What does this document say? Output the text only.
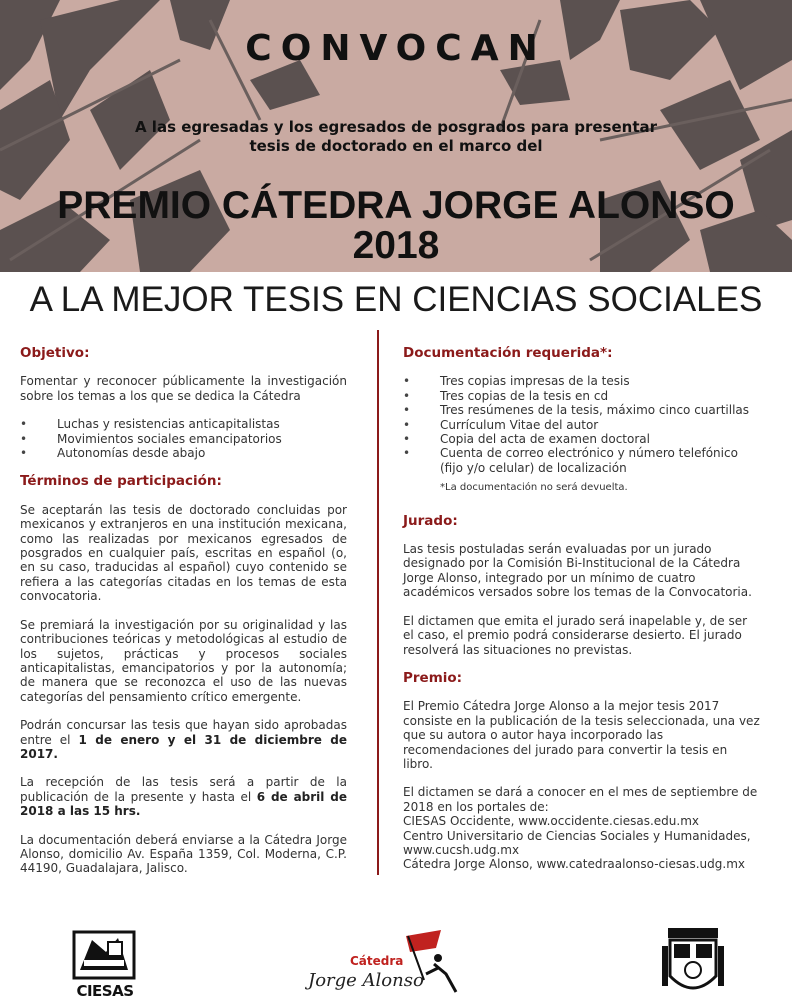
CONVOCAN
A las egresadas y los egresados de posgrados para presentar
tesis de doctorado en el marco del
PREMIO CÁTEDRA JORGE ALONSO
2018
A LA MEJOR TESIS EN CIENCIAS SOCIALES
Objetivo:

Fomentar y reconocer públicamente la investigación sobre los temas a los que se dedica la Cátedra

• Luchas y resistencias anticapitalistas
• Movimientos sociales emancipatorios
• Autonomías desde abajo
Términos de participación:

Se aceptarán las tesis de doctorado concluidas por mexicanos y extranjeros en una institución mexicana, como las realizadas por mexicanos egresados de posgrados en cualquier país, escritas en español (o, en su caso, traducidas al español) cuyo contenido se refiera a las categorías citadas en los temas de esta convocatoria.

Se premiará la investigación por su originalidad y las contribuciones teóricas y metodológicas al estudio de los sujetos, prácticas y procesos sociales anticapitalistas, emancipatorios y por la autonomía; de manera que se reconozca el uso de las nuevas categorías del pensamiento crítico emergente.

Podrán concursar las tesis que hayan sido aprobadas entre el 1 de enero y el 31 de diciembre de 2017.

La recepción de las tesis será a partir de la publicación de la presente y hasta el 6 de abril de 2018 a las 15 hrs.

La documentación deberá enviarse a la Cátedra Jorge Alonso, domicilio Av. España 1359, Col. Moderna, C.P. 44190, Guadalajara, Jalisco.

Documentación requerida*:
• Tres copias impresas de la tesis
• Tres copias de la tesis en cd
• Tres resúmenes de la tesis, máximo cinco cuartillas
• Currículum Vitae del autor
• Copia del acta de examen doctoral
• Cuenta de correo electrónico y número telefónico (fijo y/o celular) de localización
*La documentación no será devuelta.
Jurado:

Las tesis postuladas serán evaluadas por un jurado designado por la Comisión Bi-Institucional de la Cátedra Jorge Alonso, integrado por un mínimo de cuatro académicos versados sobre los temas de la Convocatoria.

El dictamen que emita el jurado será inapelable y, de ser el caso, el premio podrá considerarse desierto. El jurado resolverá las situaciones no previstas.

Premio:

El Premio Cátedra Jorge Alonso a la mejor tesis 2017 consiste en la publicación de la tesis seleccionada, una vez que su autora o autor haya incorporado las recomendaciones del jurado para convertir la tesis en libro.

El dictamen se dará a conocer en el mes de septiembre de 2018 en los portales de:
CIESAS Occidente, www.occidente.ciesas.edu.mx
Centro Universitario de Ciencias Sociales y Humanidades, www.cucsh.udg.mx
Cátedra Jorge Alonso, www.catedraalonso-ciesas.udg.mx

CIESAS
Cátedra
Jorge Alonso
